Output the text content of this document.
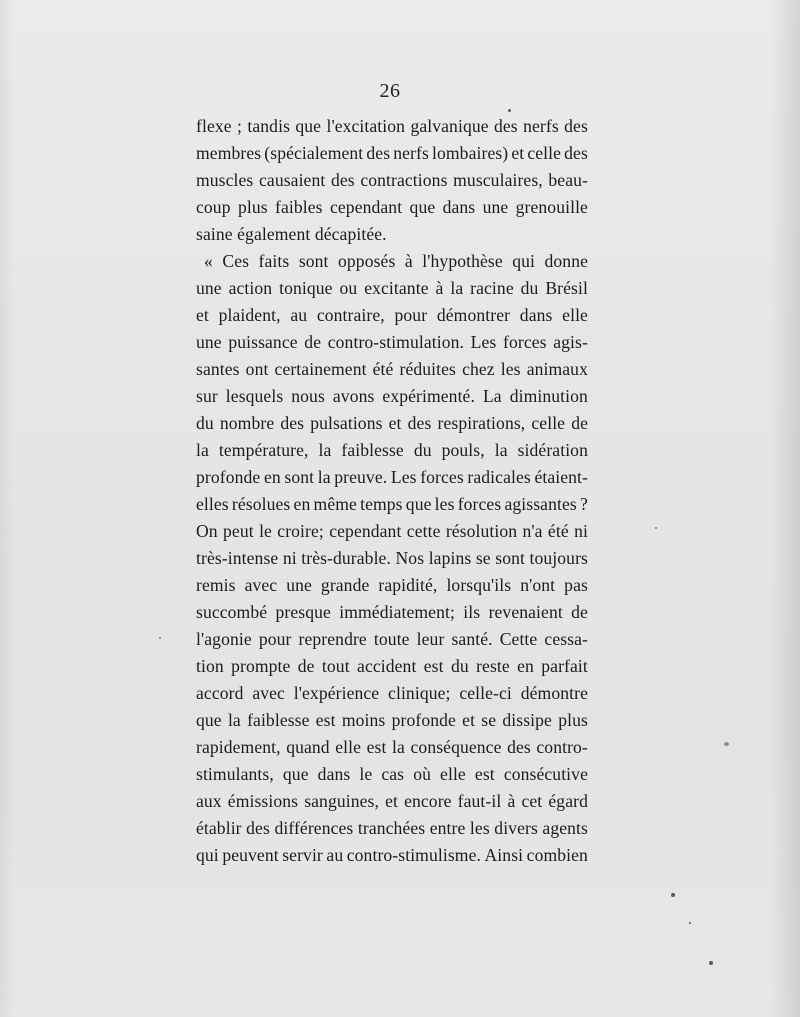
26
flexe ; tandis que l'excitation galvanique des nerfs des
membres (spécialement des nerfs lombaires) et celle des
muscles causaient des contractions musculaires, beau-
coup plus faibles cependant que dans une grenouille
saine également décapitée.
« Ces faits sont opposés à l'hypothèse qui donne
une action tonique ou excitante à la racine du Brésil
et plaident, au contraire, pour démontrer dans elle
une puissance de contro-stimulation. Les forces agis-
santes ont certainement été réduites chez les animaux
sur lesquels nous avons expérimenté. La diminution
du nombre des pulsations et des respirations, celle de
la température, la faiblesse du pouls, la sidération
profonde en sont la preuve. Les forces radicales étaient-
elles résolues en même temps que les forces agissantes ?
On peut le croire; cependant cette résolution n'a été ni
très-intense ni très-durable. Nos lapins se sont toujours
remis avec une grande rapidité, lorsqu'ils n'ont pas
succombé presque immédiatement; ils revenaient de
l'agonie pour reprendre toute leur santé. Cette cessa-
tion prompte de tout accident est du reste en parfait
accord avec l'expérience clinique; celle-ci démontre
que la faiblesse est moins profonde et se dissipe plus
rapidement, quand elle est la conséquence des contro-
stimulants, que dans le cas où elle est consécutive
aux émissions sanguines, et encore faut-il à cet égard
établir des différences tranchées entre les divers agents
qui peuvent servir au contro-stimulisme. Ainsi combien
